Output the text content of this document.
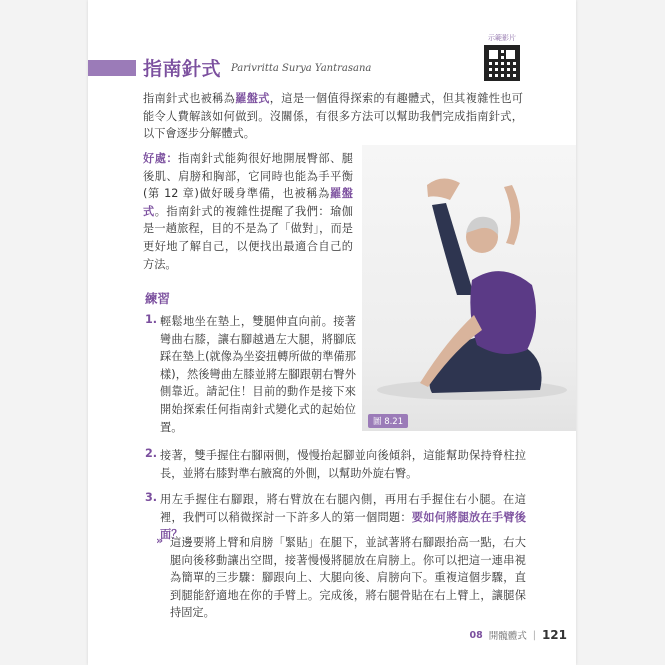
示範影片
指南針式 Parivritta Surya Yantrasana
指南針式也被稱為羅盤式，這是一個值得探索的有趣體式，但其複雜性也可能令人費解該如何做到。沒關係，有很多方法可以幫助我們完成指南針式，以下會逐步分解體式。
好處：指南針式能夠很好地開展臀部、腿後肌、肩膀和胸部，它同時也能為手平衡(第 12 章)做好暖身準備，也被稱為羅盤式。指南針式的複雜性提醒了我們：瑜伽是一趟旅程，目的不是為了「做對」，而是更好地了解自己，以便找出最適合自己的方法。
圖 8.21
練習
1. 輕鬆地坐在墊上，雙腿伸直向前。接著彎曲右膝，讓右腳越過左大腿，將腳底踩在墊上(就像為坐姿扭轉所做的準備那樣)，然後彎曲左膝並將左腳跟朝右臀外側靠近。請記住！目前的動作是接下來開始探索任何指南針式變化式的起始位置。
2. 接著，雙手握住右腳兩側，慢慢抬起腳並向後傾斜，這能幫助保持脊柱拉長，並將右膝對準右腋窩的外側，以幫助外旋右臀。
3. 用左手握住右腳跟，將右臂放在右腿內側，再用右手握住右小腿。在這裡，我們可以稍微探討一下許多人的第一個問題：要如何將腿放在手臂後面？
» 這邊要將上臂和肩膀「緊貼」在腿下，並試著將右腳跟抬高一點，右大腿向後移動讓出空間，接著慢慢將腿放在肩膀上。你可以把這一連串視為簡單的三步驟：腳跟向上、大腿向後、肩膀向下。重複這個步驟，直到腿能舒適地在你的手臂上。完成後，將右腿骨貼在右上臂上，讓腿保持固定。
08 開髖體式 | 121
